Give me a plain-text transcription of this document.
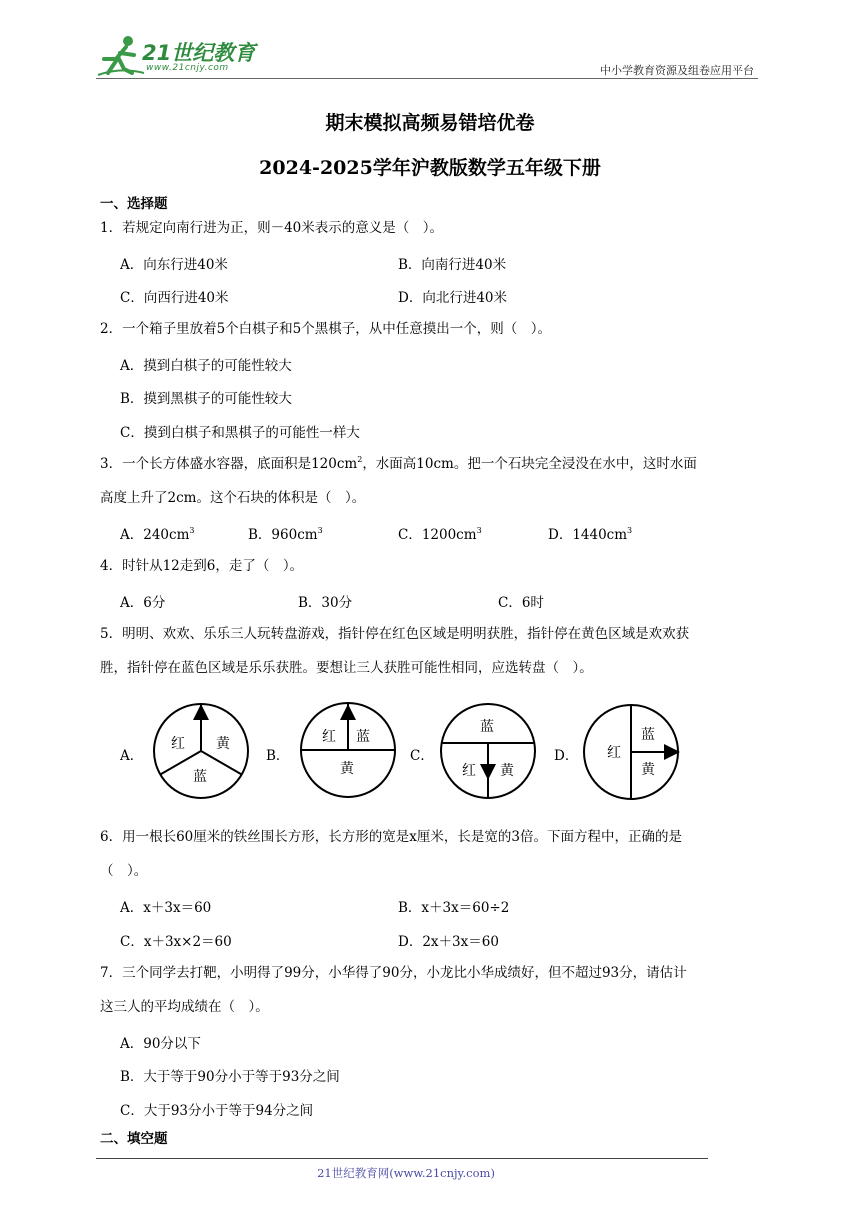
21世纪教育
www.21cnjy.com	中小学教育资源及组卷应用平台
期末模拟高频易错培优卷
2024-2025学年沪教版数学五年级下册
一、选择题
1．若规定向南行进为正，则－40米表示的意义是（　）。
A．向东行进40米	B．向南行进40米
C．向西行进40米	D．向北行进40米
2．一个箱子里放着5个白棋子和5个黑棋子，从中任意摸出一个，则（　）。
A．摸到白棋子的可能性较大
B．摸到黑棋子的可能性较大
C．摸到白棋子和黑棋子的可能性一样大
3．一个长方体盛水容器，底面积是$120cm^2$，水面高10cm。把一个石块完全浸没在水中，这时水面
高度上升了2cm。这个石块的体积是（　）。
A．$240cm^3$	B．$960cm^3$	C．$1200cm^3$	D．$1440cm^3$
4．时针从12走到6，走了（　）。
A．6分	B．30分	C．6时
5．明明、欢欢、乐乐三人玩转盘游戏，指针停在红色区域是明明获胜，指针停在黄色区域是欢欢获
胜，指针停在蓝色区域是乐乐获胜。要想让三人获胜可能性相同，应选转盘（　）。
A．	B．	C．	D．
红 黄
蓝
红 蓝
黄
蓝
红 黄
红
蓝
黄
6．用一根长60厘米的铁丝围长方形，长方形的宽是x厘米，长是宽的3倍。下面方程中，正确的是
（　）。
A．x＋3x＝60	B．x＋3x＝60÷2
C．x＋3x×2＝60	D．2x＋3x＝60
7．三个同学去打靶，小明得了99分，小华得了90分，小龙比小华成绩好，但不超过93分，请估计
这三人的平均成绩在（　）。
A．90分以下
B．大于等于90分小于等于93分之间
C．大于93分小于等于94分之间
二、填空题
21世纪教育网(www.21cnjy.com)
